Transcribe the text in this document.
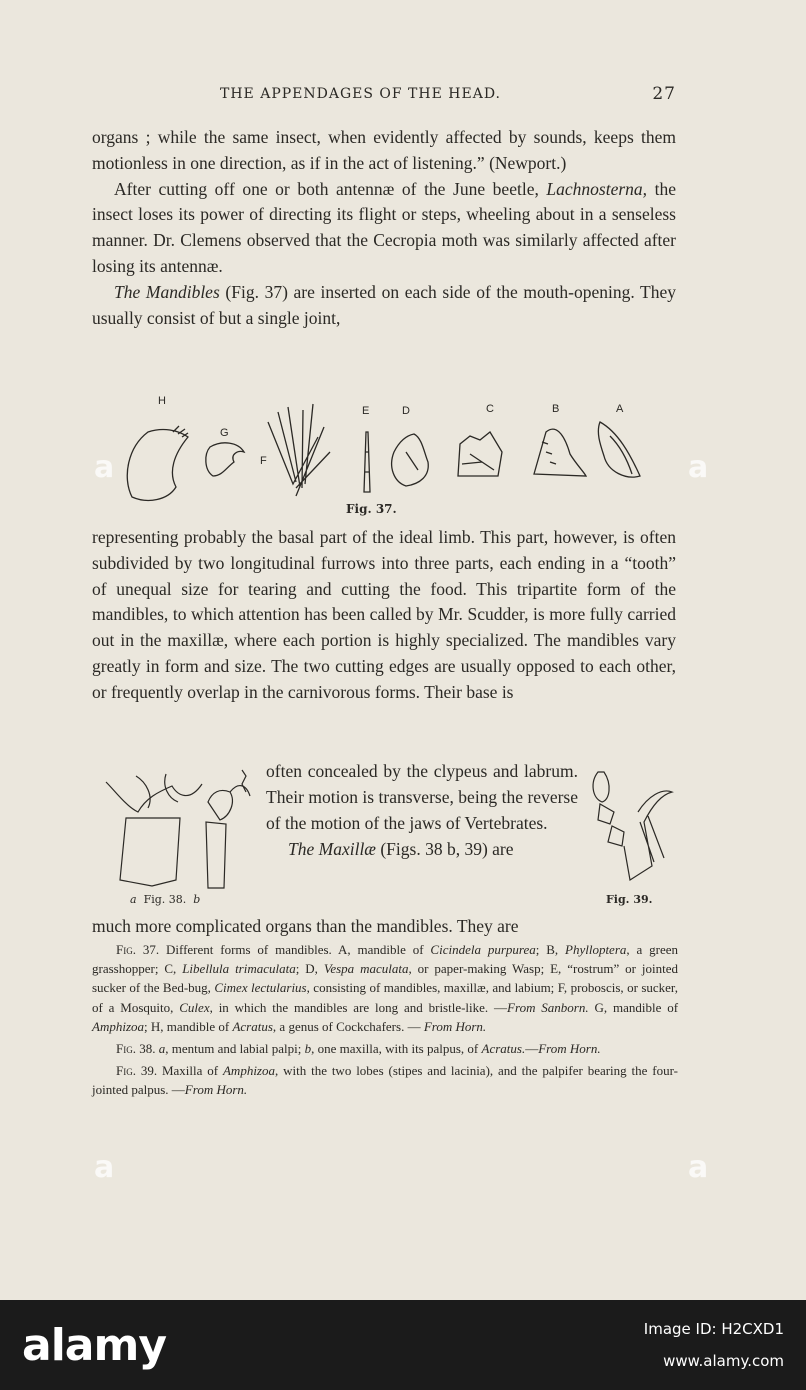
THE APPENDAGES OF THE HEAD.	27

organs ; while the same insect, when evidently affected by sounds, keeps them motionless in one direction, as if in the act of listening.” (Newport.)

After cutting off one or both antennæ of the June beetle, Lachnosterna, the insect loses its power of directing its flight or steps, wheeling about in a senseless manner. Dr. Clemens observed that the Cecropia moth was similarly affected after losing its antennæ.

The Mandibles (Fig. 37) are inserted on each side of the mouth-opening. They usually consist of but a single joint,

H
G
F
E	D	C	B	A
Fig. 37.

representing probably the basal part of the ideal limb. This part, however, is often subdivided by two longitudinal furrows into three parts, each ending in a “tooth” of unequal size for tearing and cutting the food. This tripartite form of the mandibles, to which attention has been called by Mr. Scudder, is more fully carried out in the maxillæ, where each portion is highly specialized. The mandibles vary greatly in form and size. The two cutting edges are usually opposed to each other, or frequently overlap in the carnivorous forms. Their base is

a Fig. 38. b

often concealed by the clypeus and labrum. Their motion is transverse, being the reverse of the motion of the jaws of Vertebrates.

The Maxillæ (Figs. 38 b, 39) are

Fig. 39.

much more complicated organs than the mandibles. They are

Fig. 37. Different forms of mandibles. A, mandible of Cicindela purpurea; B, Phylloptera, a green grasshopper; C, Libellula trimaculata; D, Vespa maculata, or paper-making Wasp; E, “rostrum” or jointed sucker of the Bed-bug, Cimex lectularius, consisting of mandibles, maxillæ, and labium; F, proboscis, or sucker, of a Mosquito, Culex, in which the mandibles are long and bristle-like. —From Sanborn. G, mandible of Amphizoa; H, mandible of Acratus, a genus of Cockchafers. — From Horn.

Fig. 38. a, mentum and labial palpi; b, one maxilla, with its palpus, of Acratus.—From Horn.

Fig. 39. Maxilla of Amphizoa, with the two lobes (stipes and lacinia), and the palpifer bearing the four-jointed palpus. —From Horn.

a	a
a	a
alamy	Image ID: H2CXD1
www.alamy.com
